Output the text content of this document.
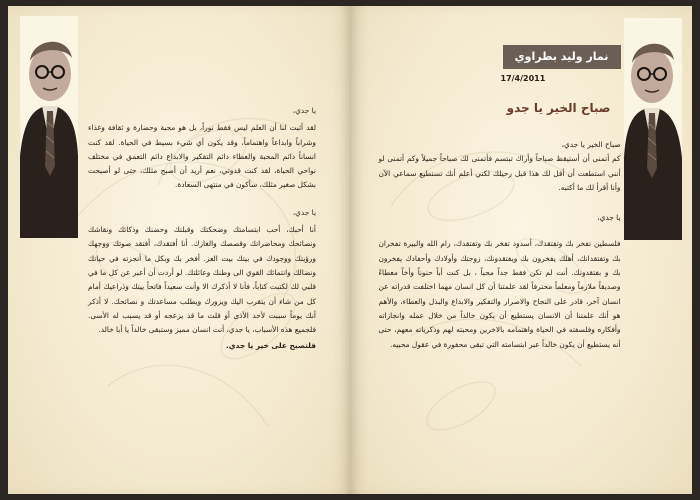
يا جدي،

لقد أثبت لنا أن العلم ليس فقط نوراً، بل هو محبة وحضارة و ثقافة وغذاء وشراباً وابداعاً واهتماماً، وقد يكون أي شيء بسيط في الحياة. لقد كنت انساناً دائم المحبة والعطاء دائم التفكير والابداع دائم التعمق في مختلف نواحي الحياة، لقد كنت قدوتي، نعم أريد أن أصبح مثلك، حتى لو أصبحت بشكل صغير مثلك، سأكون في منتهى السعادة.

يا جدي،

أنا أحبك، أحب ابتسامتك وضحكتك وقبلتك وحضنك وذكائك ونقاشك ونصائحك ومحاضراتك وقصصك والغازك. أنا أفتقدك، أفتقد صوتك ووجهك ورؤيتك ووجودك في بيتك بيت العز. أفخر بك وبكل ما أنجزته في حياتك ونضالك وانتمائك القوي الى وطنك وعائلتك. لو أردت أن أعبر عن كل ما في قلبي لك لكتبت كتاباً، فأنا لا أذكرك الا وأنت سعيداً فاتحاً بيتك وذراعيك أمام كل من شاء أن يتقرب اليك ويزورك ويطلب مساعدتك و نصائحك. لا أذكر أنك يوماً سببت لأحد الأذى أو قلت ما قد يزعجه أو قد يسبب له الأسى. فلجميع هذه الأسباب، يا جدي، أنت انسان مميز وستبقى خالداً يا أبا خالد.

فلتصبح على خير يا جدي.

نمار وليد بطراوي
17/4/2011
صباح الخير يا جدو

صباح الخير يا جدي،

كم أتمنى أن أستيقظ صباحاً وأراك تبتسم فأتمنى لك صباحاً جميلاً وكم أتمنى لو أنني استطعت أن أقل لك هذا قبل رحيلك لكني أعلم أنك تستطيع سماعي الآن وأنا أقرأ لك ما أكتبه.

يا جدي،

فلسطين تفخر بك وتفتقدك، أسدود تفخر بك وتفتقدك، رام الله والبيرة تفخران بك وتفتقدانك، أهلك يفخرون بك ويفتقدونك، زوجتك وأولادك وأحفادك يفخرون بك و بفتقدونك. أنت لم تكن فقط جداً محباً ، بل كنت أباً حنوناً وأخاً معطاءً وصديقاً ملازماً ومعلماً محترفاً لقد علمتنا أن كل انسان مهما اختلفت قدراته عن انسان آخر، قادر على النجاح والاصرار والتفكير والابداع والبذل والعطاء، والأهم هو أنك علمتنا أن الانسان يستطيع أن يكون خالداً من خلال عمله وانجازاته وأفكاره وفلسفته في الحياة واهتمامه بالاخرين ومحبته لهم وذكرياته معهم، حتى أنه يستطيع أن يكون خالداً عبر ابتسامته التي تبقى محفورة في عقول محبيه.
